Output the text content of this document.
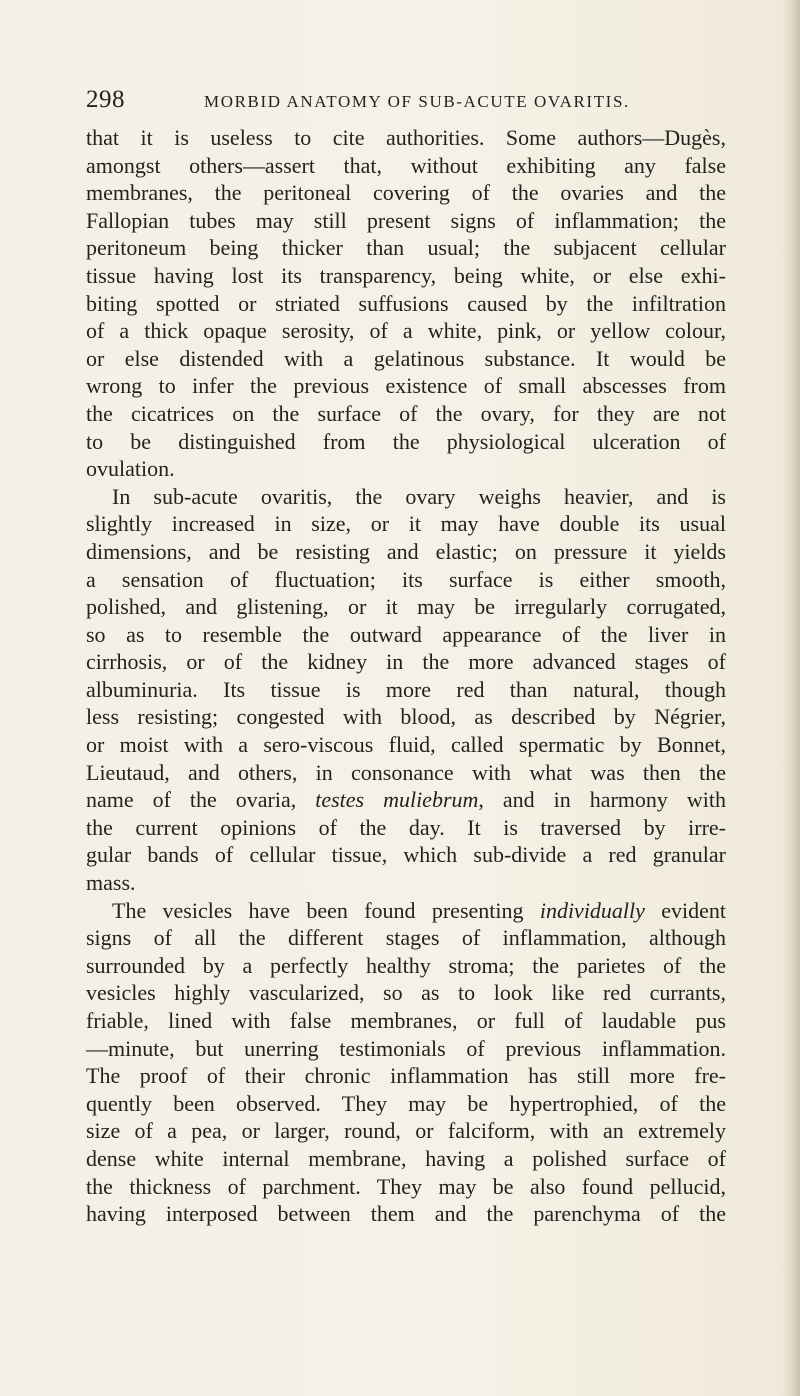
298	MORBID ANATOMY OF SUB-ACUTE OVARITIS.
that it is useless to cite authorities. Some authors—Dugès,
amongst others—assert that, without exhibiting any false
membranes, the peritoneal covering of the ovaries and the
Fallopian tubes may still present signs of inflammation; the
peritoneum being thicker than usual; the subjacent cellular
tissue having lost its transparency, being white, or else exhi-
biting spotted or striated suffusions caused by the infiltration
of a thick opaque serosity, of a white, pink, or yellow colour,
or else distended with a gelatinous substance. It would be
wrong to infer the previous existence of small abscesses from
the cicatrices on the surface of the ovary, for they are not
to be distinguished from the physiological ulceration of
ovulation.
In sub-acute ovaritis, the ovary weighs heavier, and is
slightly increased in size, or it may have double its usual
dimensions, and be resisting and elastic; on pressure it yields
a sensation of fluctuation; its surface is either smooth,
polished, and glistening, or it may be irregularly corrugated,
so as to resemble the outward appearance of the liver in
cirrhosis, or of the kidney in the more advanced stages of
albuminuria. Its tissue is more red than natural, though
less resisting; congested with blood, as described by Négrier,
or moist with a sero-viscous fluid, called spermatic by Bonnet,
Lieutaud, and others, in consonance with what was then the
name of the ovaria, testes muliebrum, and in harmony with
the current opinions of the day. It is traversed by irre-
gular bands of cellular tissue, which sub-divide a red granular
mass.
The vesicles have been found presenting individually evident
signs of all the different stages of inflammation, although
surrounded by a perfectly healthy stroma; the parietes of the
vesicles highly vascularized, so as to look like red currants,
friable, lined with false membranes, or full of laudable pus
—minute, but unerring testimonials of previous inflammation.
The proof of their chronic inflammation has still more fre-
quently been observed. They may be hypertrophied, of the
size of a pea, or larger, round, or falciform, with an extremely
dense white internal membrane, having a polished surface of
the thickness of parchment. They may be also found pellucid,
having interposed between them and the parenchyma of the
